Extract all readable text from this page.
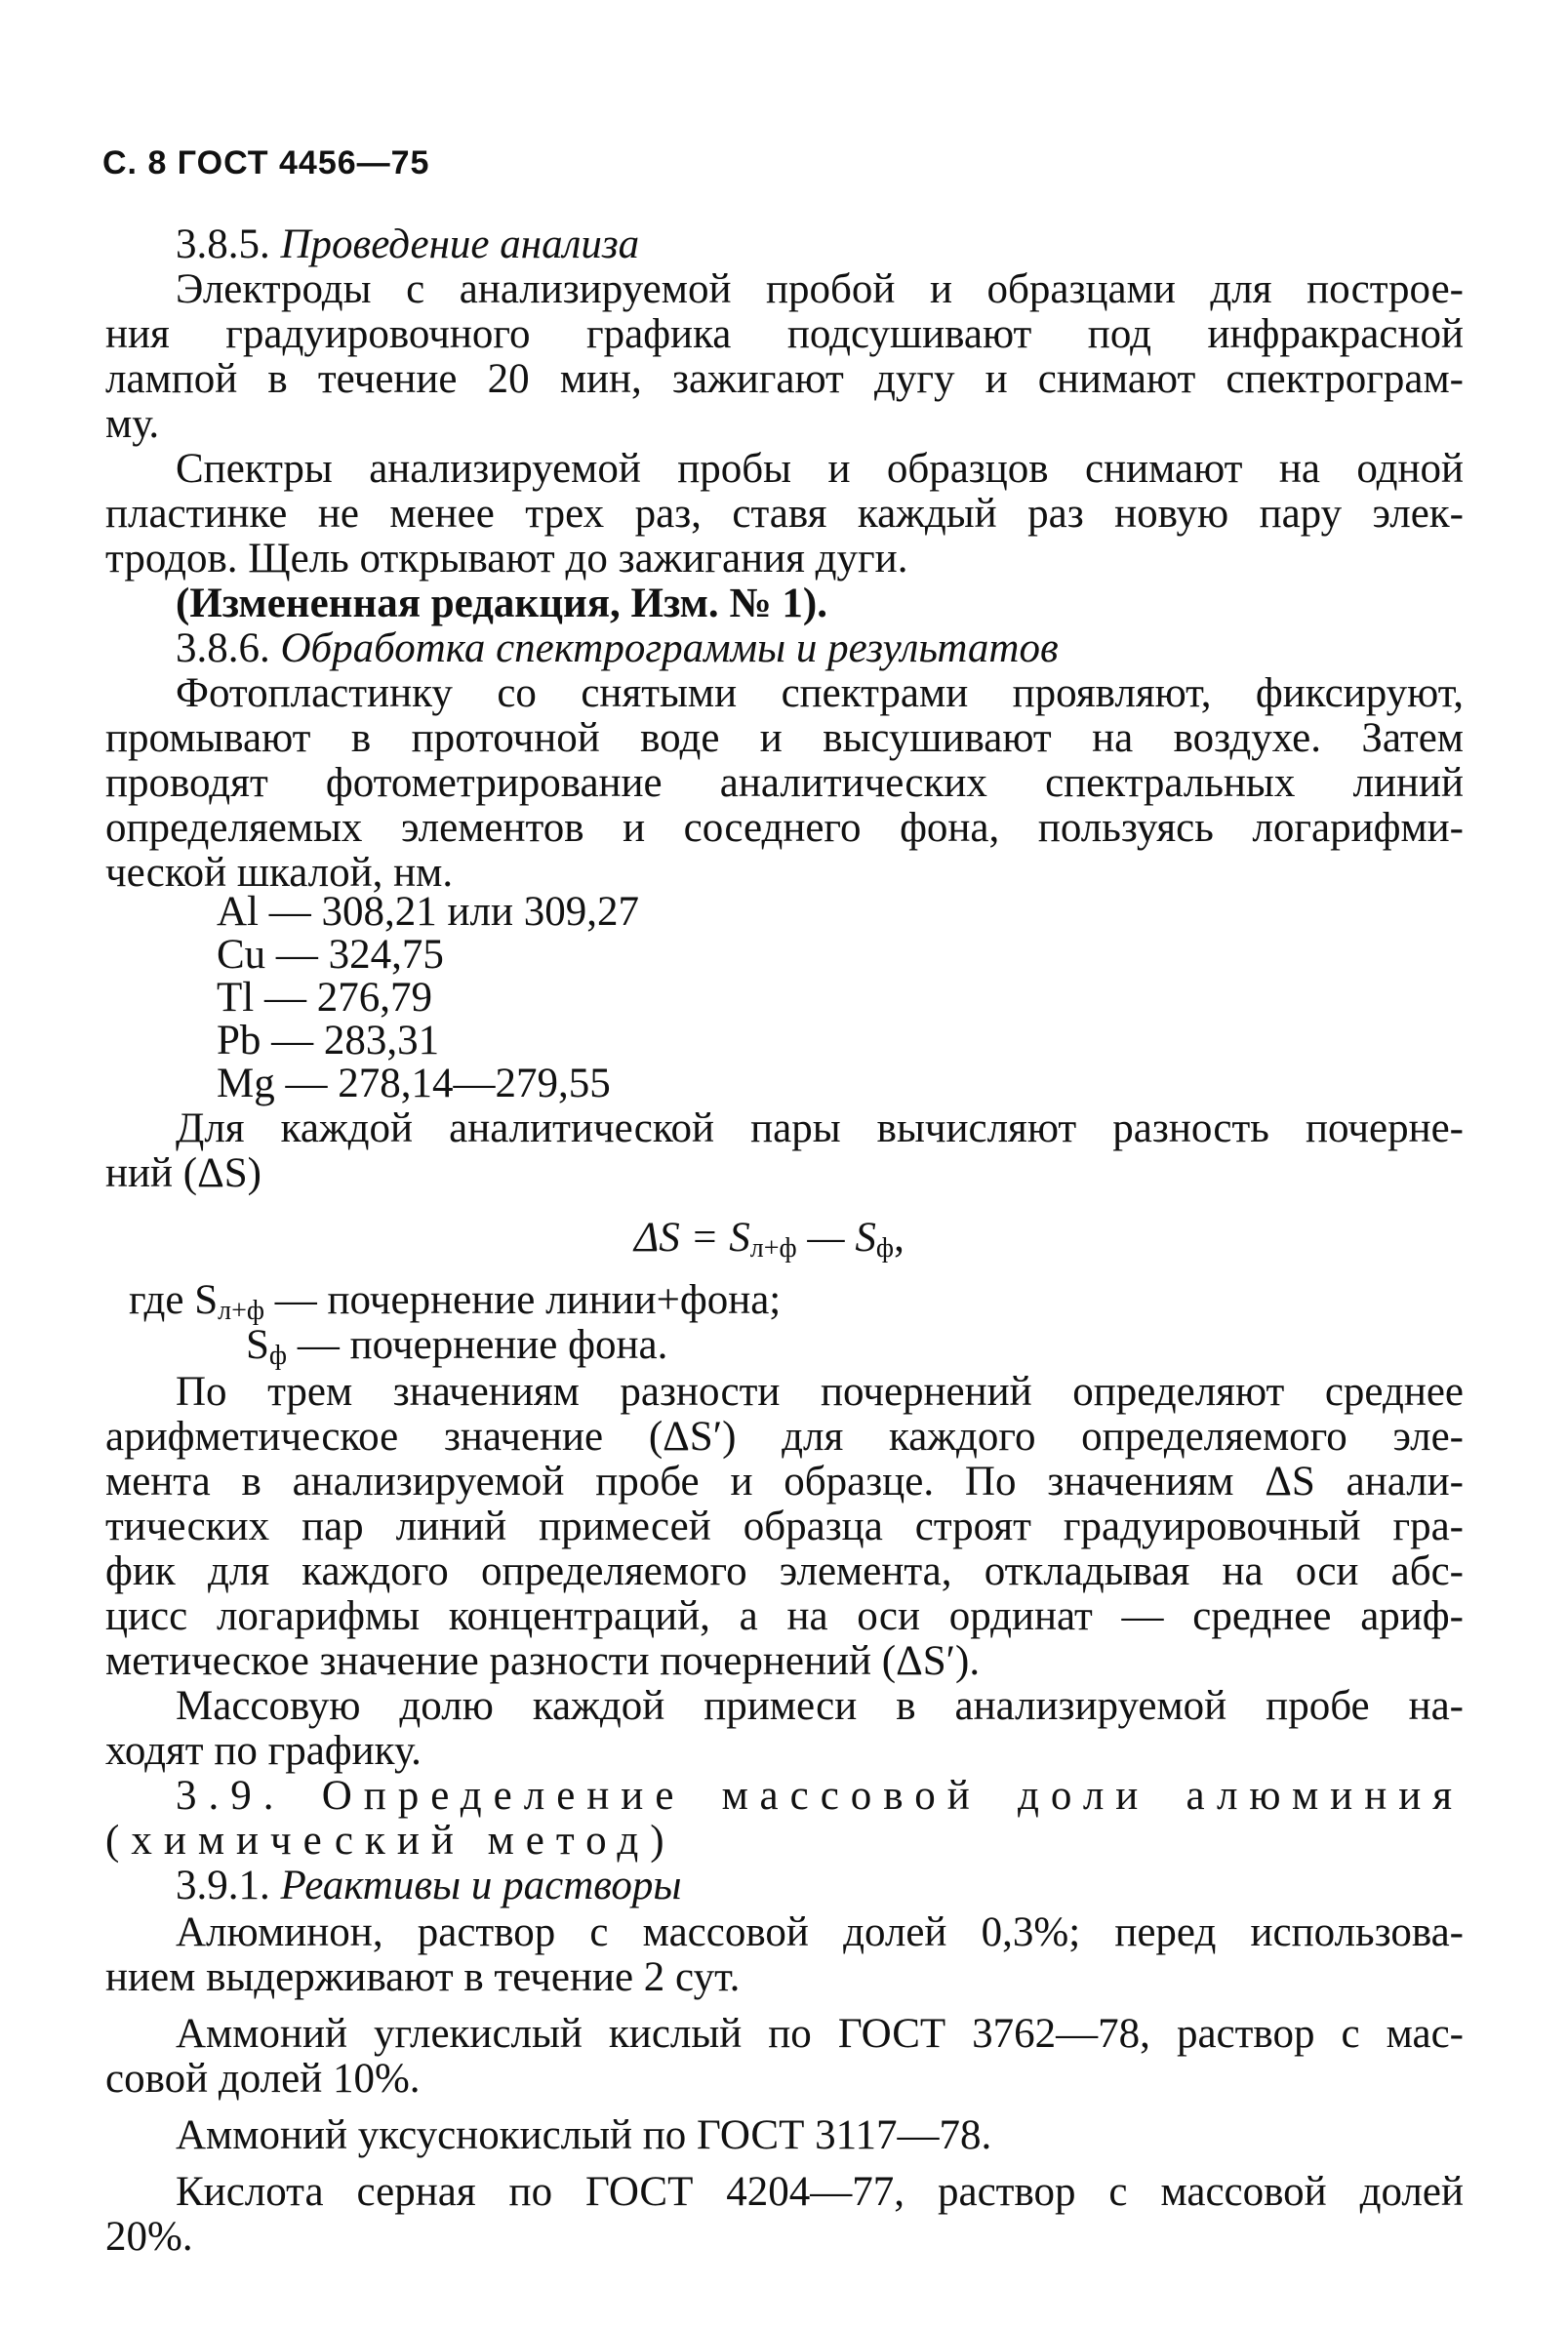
С. 8 ГОСТ 4456—75
3.8.5. Проведение анализа
Электроды с анализируемой пробой и образцами для построе-
ния градуировочного графика подсушивают под инфракрасной
лампой в течение 20 мин, зажигают дугу и снимают спектрограм-
му.
Спектры анализируемой пробы и образцов снимают на одной
пластинке не менее трех раз, ставя каждый раз новую пару элек-
тродов. Щель открывают до зажигания дуги.
(Измененная редакция, Изм. № 1).
3.8.6. Обработка спектрограммы и результатов
Фотопластинку со снятыми спектрами проявляют, фиксируют,
промывают в проточной воде и высушивают на воздухе. Затем
проводят фотометрирование аналитических спектральных линий
определяемых элементов и соседнего фона, пользуясь логарифми-
ческой шкалой, нм.
Al — 308,21 или 309,27
Cu — 324,75
Tl — 276,79
Pb — 283,31
Mg — 278,14—279,55
Для каждой аналитической пары вычисляют разность почерне-
ний (ΔS)
$\Delta S = S_{л+ф}$ — $S_ф$,
где $S_{л+ф}$ — почернение линии+фона;
$S_ф$ — почернение фона.
По трем значениям разности почернений определяют среднее
арифметическое значение (ΔS′) для каждого определяемого эле-
мента в анализируемой пробе и образце. По значениям ΔS анали-
тических пар линий примесей образца строят градуировочный гра-
фик для каждого определяемого элемента, откладывая на оси абс-
цисс логарифмы концентраций, а на оси ординат — среднее ариф-
метическое значение разности почернений (ΔS′).
Массовую долю каждой примеси в анализируемой пробе на-
ходят по графику.
3.9. Определение массовой доли алюминия
(химический метод)
3.9.1. Реактивы и растворы
Алюминон, раствор с массовой долей 0,3%; перед использова-
нием выдерживают в течение 2 сут.
Аммоний углекислый кислый по ГОСТ 3762—78, раствор с мас-
совой долей 10%.
Аммоний уксуснокислый по ГОСТ 3117—78.
Кислота серная по ГОСТ 4204—77, раствор с массовой долей
20%.
